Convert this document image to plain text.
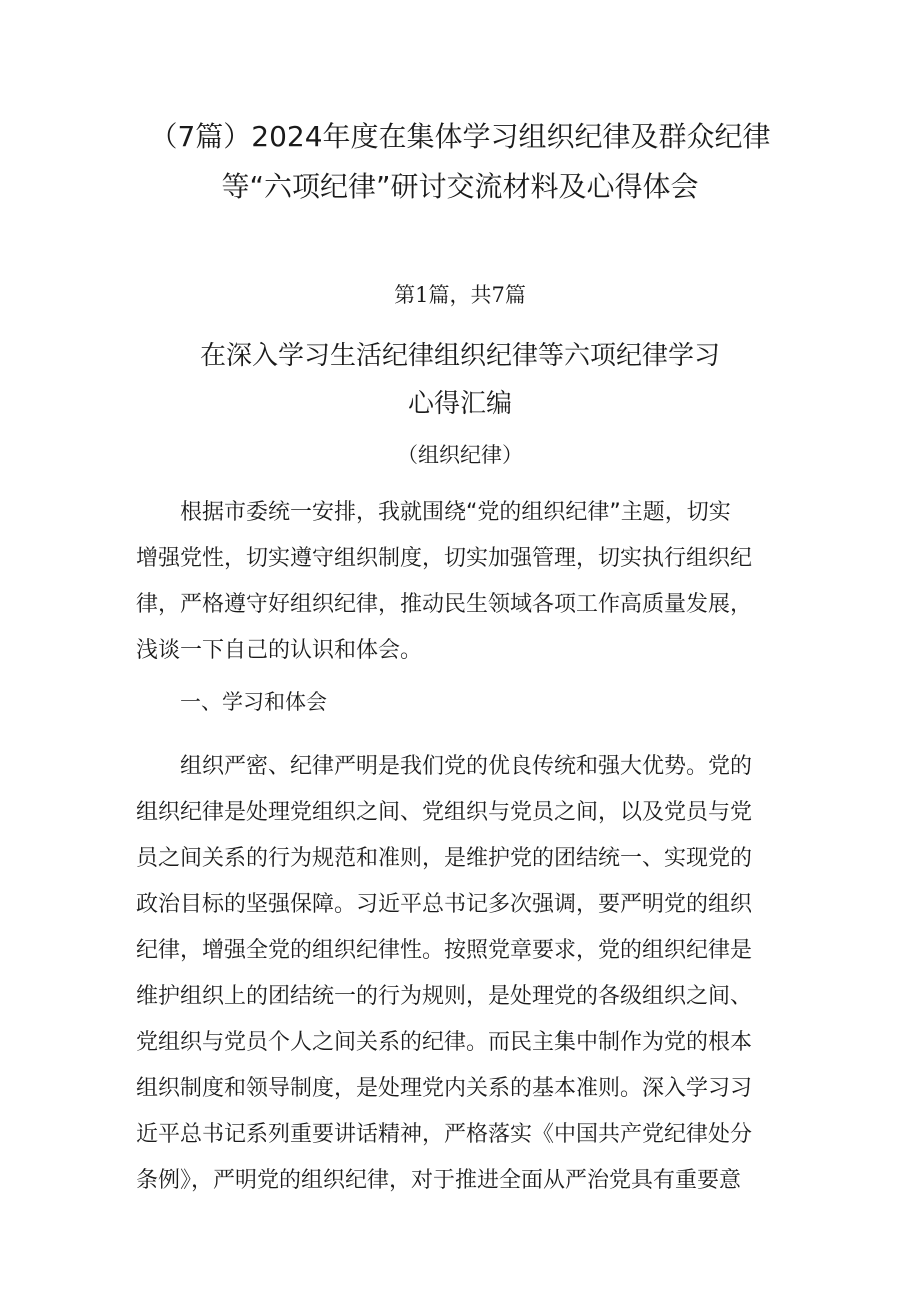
（7篇）2024年度在集体学习组织纪律及群众纪律
等“六项纪律”研讨交流材料及心得体会
第1篇，共7篇
在深入学习生活纪律组织纪律等六项纪律学习
心得汇编
（组织纪律）

根据市委统一安排，我就围绕“党的组织纪律”主题，切实
增强党性，切实遵守组织制度，切实加强管理，切实执行组织纪
律，严格遵守好组织纪律，推动民生领域各项工作高质量发展，
浅谈一下自己的认识和体会。

一、学习和体会

组织严密、纪律严明是我们党的优良传统和强大优势。党的
组织纪律是处理党组织之间、党组织与党员之间，以及党员与党
员之间关系的行为规范和准则，是维护党的团结统一、实现党的
政治目标的坚强保障。习近平总书记多次强调，要严明党的组织
纪律，增强全党的组织纪律性。按照党章要求，党的组织纪律是
维护组织上的团结统一的行为规则，是处理党的各级组织之间、
党组织与党员个人之间关系的纪律。而民主集中制作为党的根本
组织制度和领导制度，是处理党内关系的基本准则。深入学习习
近平总书记系列重要讲话精神，严格落实《中国共产党纪律处分
条例》，严明党的组织纪律，对于推进全面从严治党具有重要意
